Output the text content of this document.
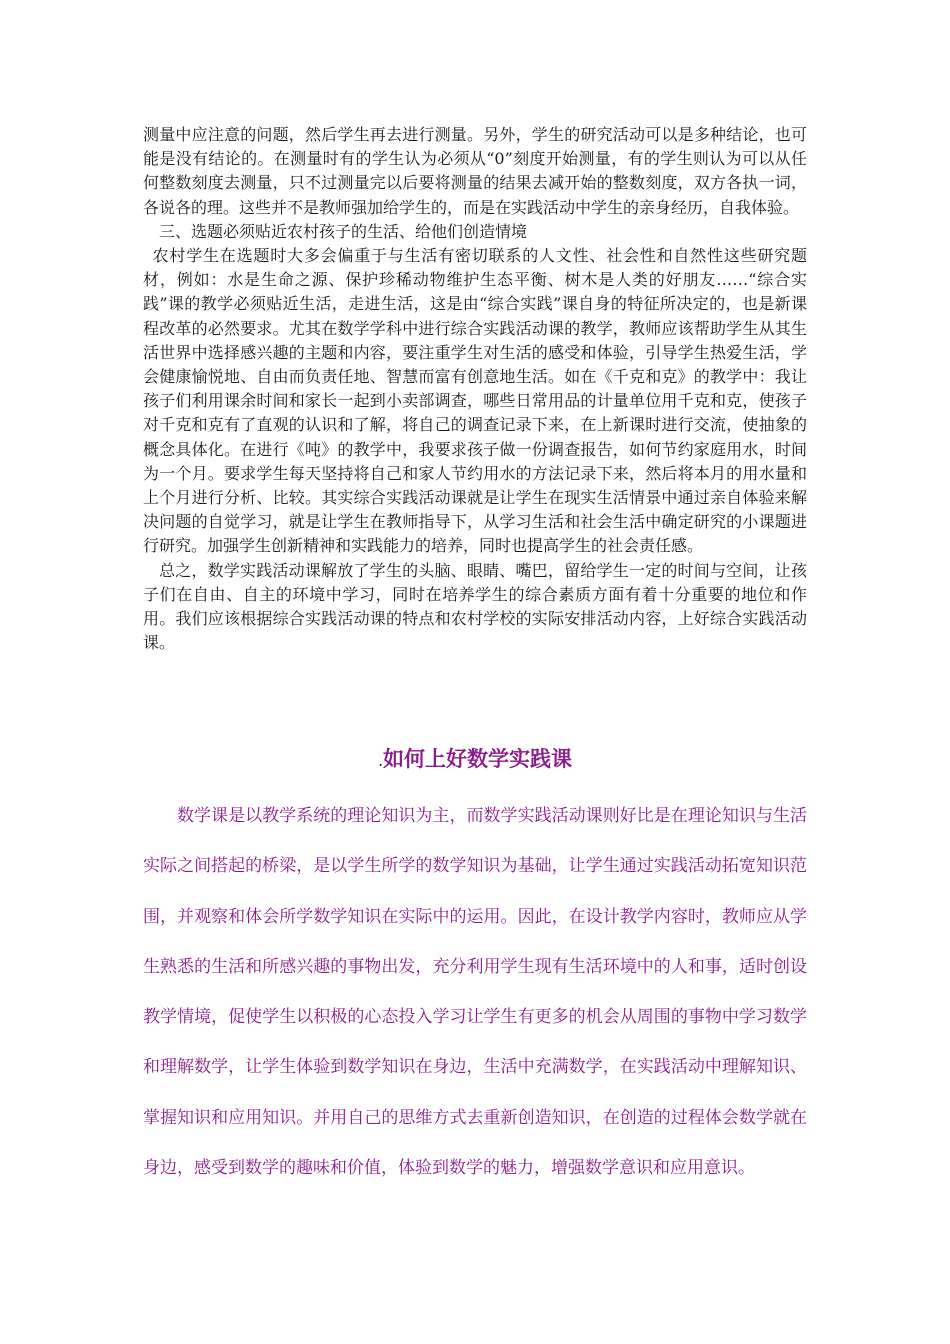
测量中应注意的问题，然后学生再去进行测量。另外，学生的研究活动可以是多种结论，也可能是没有结论的。在测量时有的学生认为必须从“0”刻度开始测量，有的学生则认为可以从任何整数刻度去测量，只不过测量完以后要将测量的结果去减开始的整数刻度，双方各执一词，各说各的理。这些并不是教师强加给学生的，而是在实践活动中学生的亲身经历，自我体验。

三、选题必须贴近农村孩子的生活、给他们创造情境

农村学生在选题时大多会偏重于与生活有密切联系的人文性、社会性和自然性这些研究题材，例如：水是生命之源、保护珍稀动物维护生态平衡、树木是人类的好朋友……“综合实践”课的教学必须贴近生活，走进生活，这是由“综合实践”课自身的特征所决定的，也是新课程改革的必然要求。尤其在数学学科中进行综合实践活动课的教学，教师应该帮助学生从其生活世界中选择感兴趣的主题和内容，要注重学生对生活的感受和体验，引导学生热爱生活，学会健康愉悦地、自由而负责任地、智慧而富有创意地生活。如在《千克和克》的教学中：我让孩子们利用课余时间和家长一起到小卖部调查，哪些日常用品的计量单位用千克和克，使孩子对千克和克有了直观的认识和了解，将自己的调查记录下来，在上新课时进行交流，使抽象的概念具体化。在进行《吨》的教学中，我要求孩子做一份调查报告，如何节约家庭用水，时间为一个月。要求学生每天坚持将自己和家人节约用水的方法记录下来，然后将本月的用水量和上个月进行分析、比较。其实综合实践活动课就是让学生在现实生活情景中通过亲自体验来解决问题的自觉学习，就是让学生在教师指导下，从学习生活和社会生活中确定研究的小课题进行研究。加强学生创新精神和实践能力的培养，同时也提高学生的社会责任感。

总之，数学实践活动课解放了学生的头脑、眼睛、嘴巴，留给学生一定的时间与空间，让孩子们在自由、自主的环境中学习，同时在培养学生的综合素质方面有着十分重要的地位和作用。我们应该根据综合实践活动课的特点和农村学校的实际安排活动内容，上好综合实践活动课。

.如何上好数学实践课

数学课是以教学系统的理论知识为主，而数学实践活动课则好比是在理论知识与生活实际之间搭起的桥梁，是以学生所学的数学知识为基础，让学生通过实践活动拓宽知识范围，并观察和体会所学数学知识在实际中的运用。因此，在设计教学内容时，教师应从学生熟悉的生活和所感兴趣的事物出发，充分利用学生现有生活环境中的人和事，适时创设教学情境，促使学生以积极的心态投入学习让学生有更多的机会从周围的事物中学习数学和理解数学，让学生体验到数学知识在身边，生活中充满数学，在实践活动中理解知识、掌握知识和应用知识。并用自己的思维方式去重新创造知识，在创造的过程体会数学就在身边，感受到数学的趣味和价值，体验到数学的魅力，增强数学意识和应用意识。
